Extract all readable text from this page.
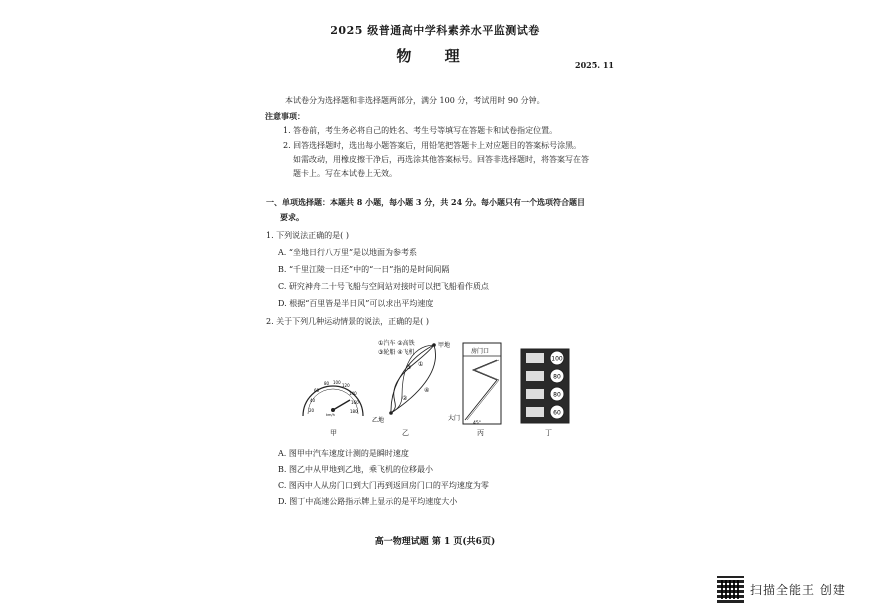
2025 级普通高中学科素养水平监测试卷
物 理	2025. 11
本试卷分为选择题和非选择题两部分，满分 100 分，考试用时 90 分钟。
注意事项：
1. 答卷前，考生务必将自己的姓名、考生号等填写在答题卡和试卷指定位置。
2. 回答选择题时，选出每小题答案后，用铅笔把答题卡上对应题目的答案标号涂黑。
如需改动，用橡皮擦干净后，再选涂其他答案标号。回答非选择题时，将答案写在答
题卡上。写在本试卷上无效。
一、单项选择题：本题共 8 小题，每小题 3 分，共 24 分。每小题只有一个选项符合题目
要求。
1. 下列说法正确的是( )
A. “坐地日行八万里”是以地面为参考系
B. “千里江陵一日还”中的“一日”指的是时间间隔
C. 研究神舟二十号飞船与空间站对接时可以把飞船看作质点
D. 根据“百里皆是半日风”可以求出平均速度
2. 关于下列几种运动情景的说法，正确的是( )
20
40
60
80 100
120
140
160
180
km/h
甲
①汽车 ②高铁
③轮船 ④飞机
甲地
乙地
③
④
②
①
乙
房门口
大门
45°
丙
100
80
80
60
丁
A. 图甲中汽车速度计测的是瞬时速度
B. 图乙中从甲地到乙地，乘飞机的位移最小
C. 图丙中人从房门口到大门再到返回房门口的平均速度为零
D. 图丁中高速公路指示牌上显示的是平均速度大小
高一物理试题 第 1 页(共6页)
扫描全能王 创建
